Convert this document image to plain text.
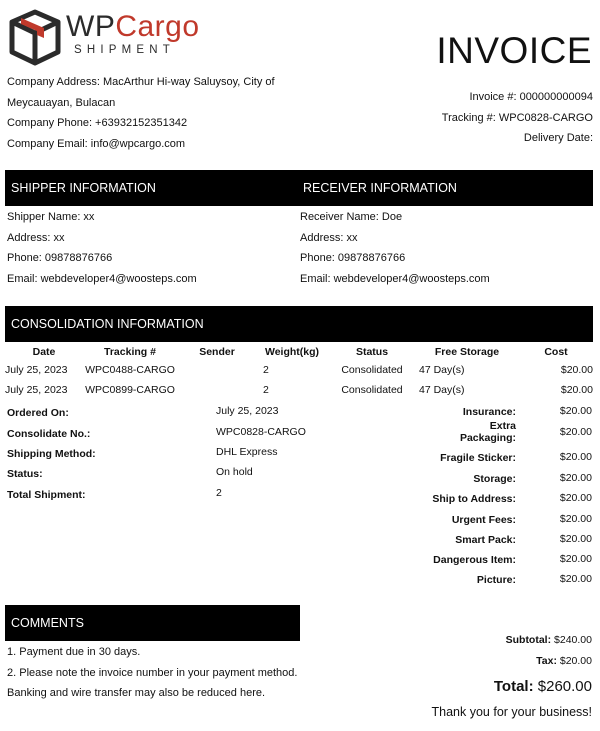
WPCargo
SHIPMENT	INVOICE
Company Address: MacArthur Hi-way Saluysoy, City of
Meycauayan, Bulacan
Company Phone: +63932152351342
Company Email: info@wpcargo.com
Invoice #: 000000000094
Tracking #: WPC0828-CARGO
Delivery Date:
SHIPPER INFORMATION	RECEIVER INFORMATION
Shipper Name: xx
Address: xx
Phone: 09878876766
Email: webdeveloper4@woosteps.com
Receiver Name: Doe
Address: xx
Phone: 09878876766
Email: webdeveloper4@woosteps.com
CONSOLIDATION INFORMATION
Date	Tracking #	Sender	Weight(kg)	Status	Free Storage	Cost
July 25, 2023	WPC0488-CARGO		2	Consolidated	47 Day(s)	$20.00
July 25, 2023	WPC0899-CARGO		2	Consolidated	47 Day(s)	$20.00
Ordered On:	July 25, 2023
Consolidate No.:	WPC0828-CARGO
Shipping Method:	DHL Express
Status:	On hold
Total Shipment:	2
Insurance:	$20.00
Extra Packaging:	$20.00
Fragile Sticker:	$20.00
Storage:	$20.00
Ship to Address:	$20.00
Urgent Fees:	$20.00
Smart Pack:	$20.00
Dangerous Item:	$20.00
Picture:	$20.00
COMMENTS
1. Payment due in 30 days.
2. Please note the invoice number in your payment method.
Banking and wire transfer may also be reduced here.
Subtotal: $240.00
Tax: $20.00
Total: $260.00
Thank you for your business!
